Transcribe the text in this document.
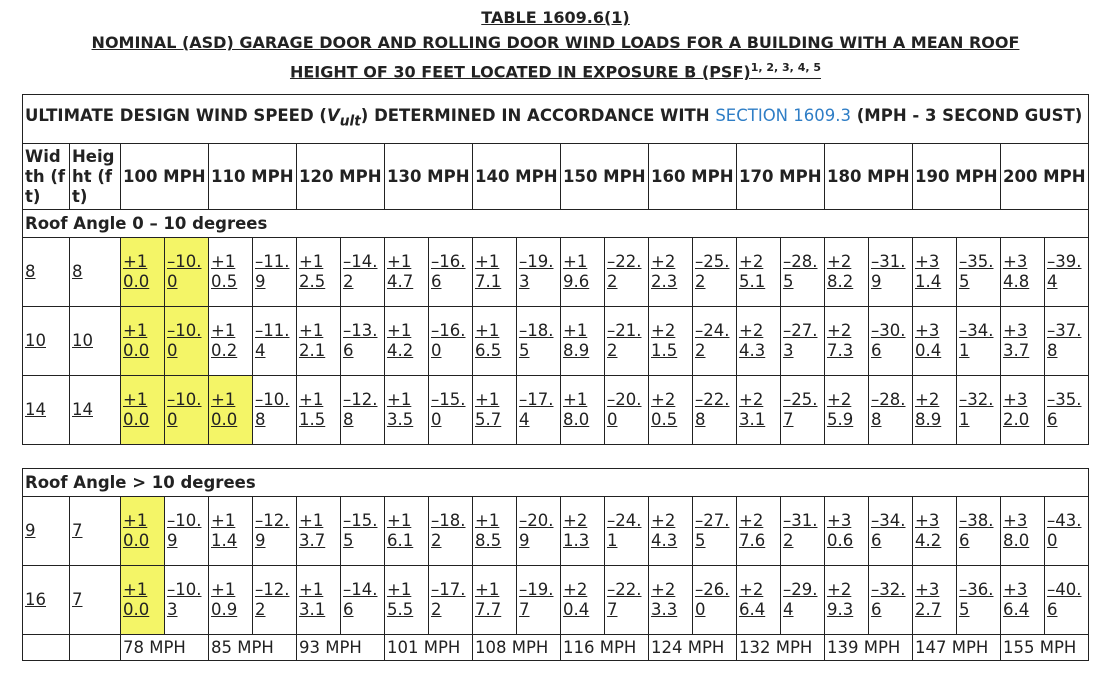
TABLE 1609.6(1)
NOMINAL (ASD) GARAGE DOOR AND ROLLING DOOR WIND LOADS FOR A BUILDING WITH A MEAN ROOF
HEIGHT OF 30 FEET LOCATED IN EXPOSURE B (PSF)$^{1, 2, 3, 4, 5}$
ULTIMATE DESIGN WIND SPEED $(V_{ult})$ DETERMINED IN ACCORDANCE WITH SECTION 1609.3 (MPH - 3 SECOND GUST)																							
Width (ft)	Height (ft)	100 MPH		110 MPH		120 MPH		130 MPH		140 MPH		150 MPH		160 MPH		170 MPH		180 MPH		190 MPH		200 MPH	
Roof Angle 0 – 10 degrees																							
8	8	+10.0	–10.0	+10.5	–11.9	+12.5	–14.2	+14.7	–16.6	+17.1	–19.3	+19.6	–22.2	+22.3	–25.2	+25.1	–28.5	+28.2	–31.9	+31.4	–35.5	+34.8	–39.4
10	10	+10.0	–10.0	+10.2	–11.4	+12.1	–13.6	+14.2	–16.0	+16.5	–18.5	+18.9	–21.2	+21.5	–24.2	+24.3	–27.3	+27.3	–30.6	+30.4	–34.1	+33.7	–37.8
14	14	+10.0	–10.0	+10.0	–10.8	+11.5	–12.8	+13.5	–15.0	+15.7	–17.4	+18.0	–20.0	+20.5	–22.8	+23.1	–25.7	+25.9	–28.8	+28.9	–32.1	+32.0	–35.6

Roof Angle > 10 degrees																							
9	7	+10.0	–10.9	+11.4	–12.9	+13.7	–15.5	+16.1	–18.2	+18.5	–20.9	+21.3	–24.1	+24.3	–27.5	+27.6	–31.2	+30.6	–34.6	+34.2	–38.6	+38.0	–43.0
16	7	+10.0	–10.3	+10.9	–12.2	+13.1	–14.6	+15.5	–17.2	+17.7	–19.7	+20.4	–22.7	+23.3	–26.0	+26.4	–29.4	+29.3	–32.6	+32.7	–36.5	+36.4	–40.6
		78 MPH		85 MPH		93 MPH		101 MPH		108 MPH		116 MPH		124 MPH		132 MPH		139 MPH		147 MPH		155 MPH	
